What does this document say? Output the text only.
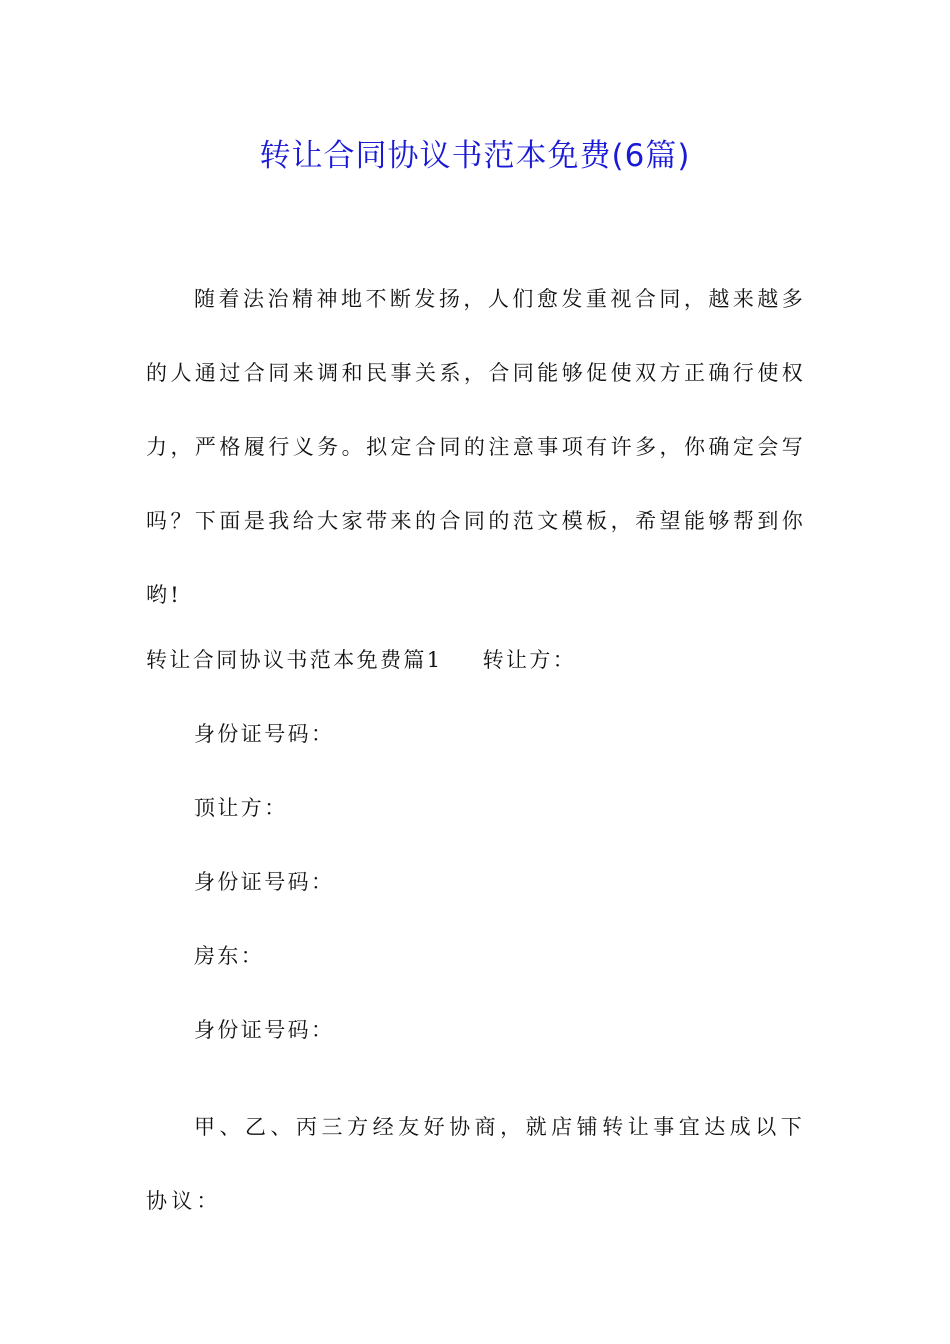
转让合同协议书范本免费(6篇)
随着法治精神地不断发扬，人们愈发重视合同，越来越多的人通过合同来调和民事关系，合同能够促使双方正确行使权力，严格履行义务。拟定合同的注意事项有许多，你确定会写吗？下面是我给大家带来的合同的范文模板，希望能够帮到你哟!
转让合同协议书范本免费篇1 转让方：
身份证号码：
顶让方：
身份证号码：
房东：
身份证号码：
甲、乙、丙三方经友好协商，就店铺转让事宜达成以下协议：
